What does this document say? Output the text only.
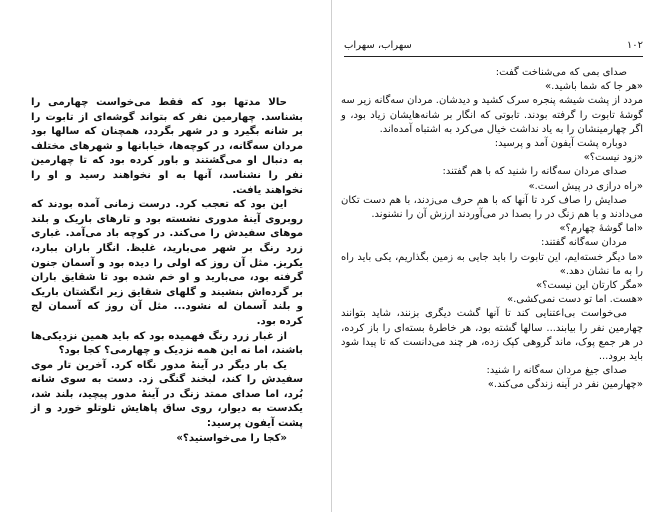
حالا مدتها بود که فقط می‌خواست چهارمی را بشناسد. چهارمین نفر که بتواند گوشه‌ای از تابوت را بر شانه بگیرد و در شهر بگردد، همچنان که سالها بود مردان سه‌گانه، در کوچه‌ها، خیابانها و شهرهای مختلف به دنبال او می‌گشتند و باور کرده بود که تا چهارمین نفر را نشناسد، آنها به او نخواهند رسید و او را نخواهند یافت.

این بود که تعجب کرد. درست زمانی آمده بودند که روبروی آینهٔ مدوری نشسته بود و تارهای باریک و بلند موهای سفیدش را می‌کند. در کوچه باد می‌آمد. غباری زرد رنگ بر شهر می‌بارید، غلیظ. انگار باران ببارد، یکریز. مثل آن روز که اولی را دیده بود و آسمان جنون گرفته بود، می‌بارید و او خم شده بود تا شقایق باران بر گرده‌اش بنشیند و گلهای شقایق زیر انگشتان باریک و بلند آسمان له نشود... مثل آن روز که آسمان لج کرده بود.

از غبار زرد رنگ فهمیده بود که باید همین نزدیکی‌ها باشند، اما نه این همه نزدیک و چهارمی؟ کجا بود؟

یک بار دیگر در آینهٔ مدور نگاه کرد. آخرین تار موی سفیدش را کند، لبخند گنگی زد. دست به سوی شانه بُرد، اما صدای ممتد زنگ در آینهٔ مدور پیچید، بلند شد، یکدست به دیوار، روی ساق پاهایش تلوتلو خورد و از پشت آیفون پرسید:

«کجا را می‌خواستید؟»

۱۰۲
سهراب، سهراب

صدای بمی که می‌شناخت گفت:

«هر جا که شما باشید.»

مردد از پشت شیشه پنجره سرک کشید و دیدشان. مردان سه‌گانه زیر سه گوشهٔ تابوت را گرفته بودند. تابوتی که انگار بر شانه‌هایشان زیاد بود، و اگر چهارمینشان را به یاد نداشت خیال می‌کرد به اشتباه آمده‌اند.

دوباره پشت آیفون آمد و پرسید:

«زود نیست؟»

صدای مردان سه‌گانه را شنید که با هم گفتند:

«راه درازی در پیش است.»

صدایش را صاف کرد تا آنها که با هم حرف می‌زدند، با هم دست تکان می‌دادند و با هم زنگ در را بصدا در می‌آوردند ارزش آن را نشنوند.

«اما گوشهٔ چهارم؟»

مردان سه‌گانه گفتند:

«ما دیگر خسته‌ایم، این تابوت را باید جایی به زمین بگذاریم، یکی باید راه را به ما نشان دهد.»

«مگر کارتان این نیست؟»

«هست. اما تو دست نمی‌کشی.»

می‌خواست بی‌اعتنایی کند تا آنها گشت دیگری بزنند، شاید بتوانند چهارمین نفر را بیابند... سالها گشته بود، هر خاطرهٔ بسته‌ای را باز کرده، در هر جمع پوک، ماند گروهی کپک زده، هر چند می‌دانست که تا پیدا شود باید برود...

صدای جیغ مردان سه‌گانه را شنید:

«چهارمین نفر در آینه زندگی می‌کند.»
